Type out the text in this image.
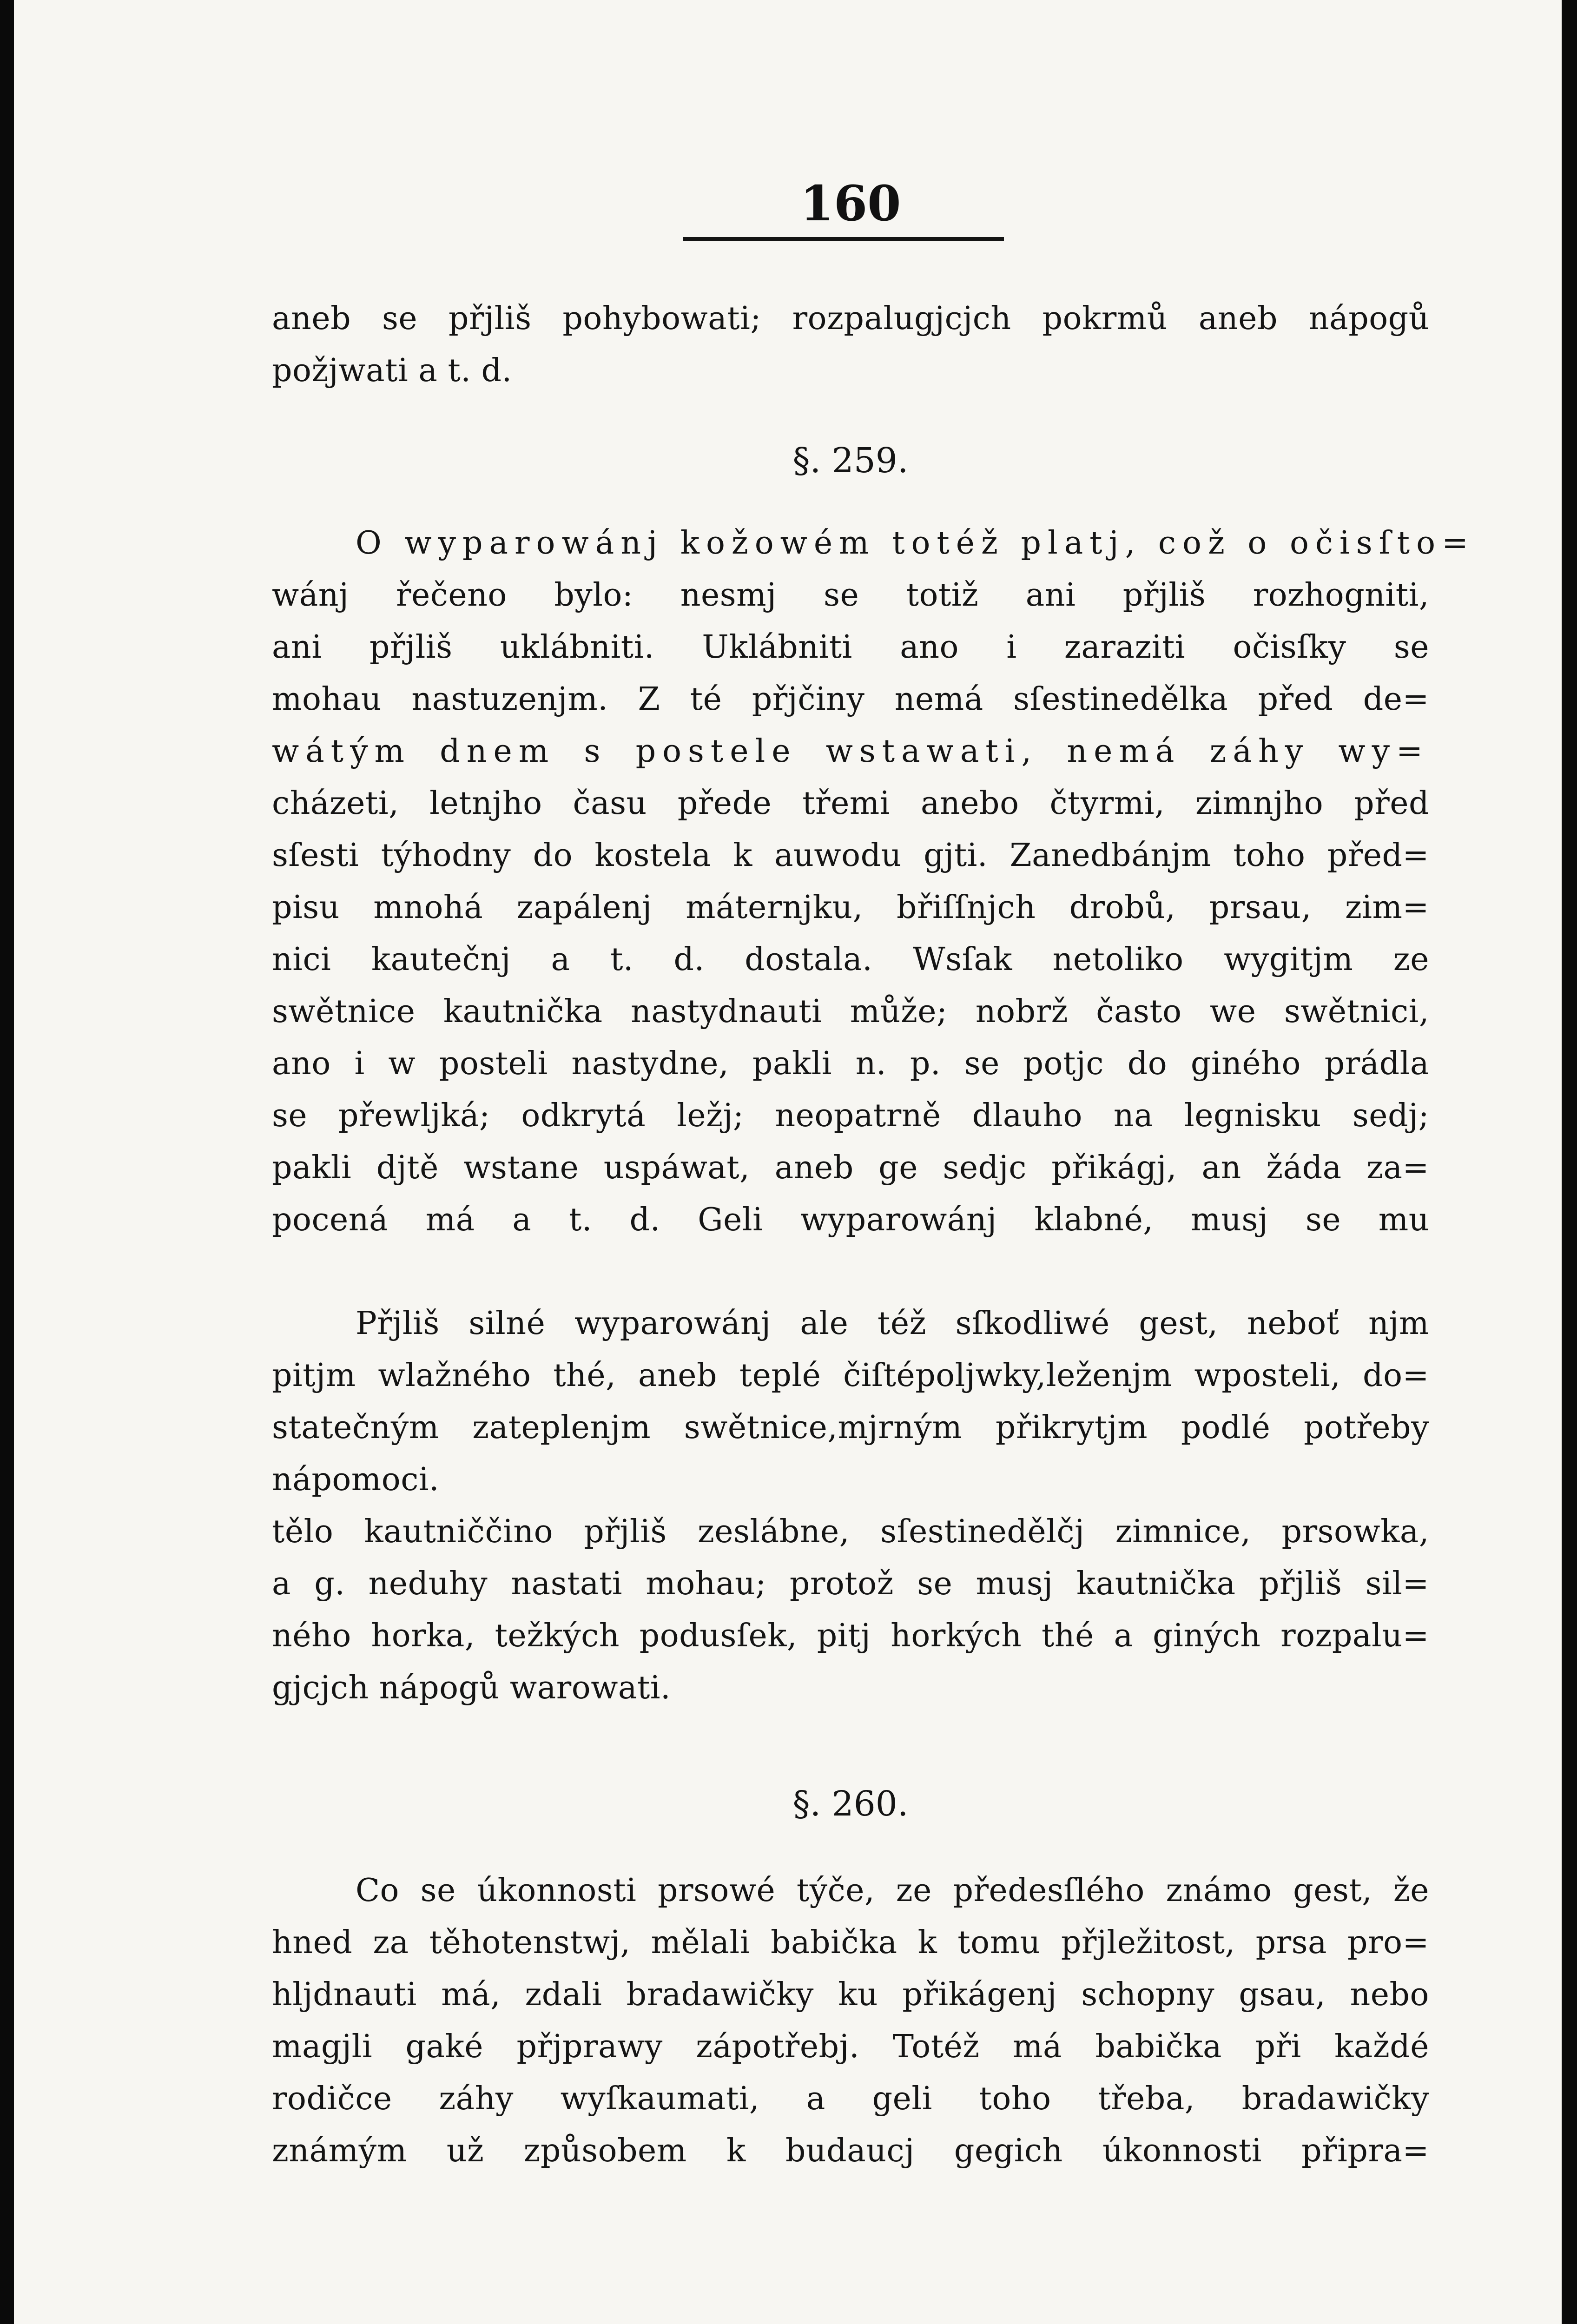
160
aneb se přjliš pohybowati; rozpalugjcjch pokrmů aneb nápogů
požjwati a t. d.
§. 259.
O wyparowánj kožowém totéž platj, což o očisſto=
wánj řečeno bylo: nesmj se totiž ani přjliš rozhogniti,
ani přjliš uklábniti. Uklábniti ano i zaraziti očisſky se
mohau nastuzenjm. Z té přjčiny nemá sſestinedělka před de=
wátým dnem s postele wstawati, nemá záhy wy=
cházeti, letnjho času přede třemi anebo čtyrmi, zimnjho před
sſesti týhodny do kostela k auwodu gjti. Zanedbánjm toho před=
pisu mnohá zapálenj máternjku, břiſſnjch drobů, prsau, zim=
nici kautečnj a t. d. dostala. Wsſak netoliko wygitjm ze
swětnice kautnička nastydnauti může; nobrž často we swětnici,
ano i w posteli nastydne, pakli n. p. se potjc do giného prádla
se přewljká; odkrytá ležj; neopatrně dlauho na legnisku sedj;
pakli djtě wstane uspáwat, aneb ge sedjc přikágj, an žáda za=
pocená má a t. d. Geli wyparowánj klabné, musj se mu
Přjliš silné wyparowánj ale též sſkodliwé gest, neboť njm
pitjm wlažného thé, aneb teplé čiſtépoljwky,leženjm wposteli, do=
statečným zateplenjm swětnice,mjrným přikrytjm podlé potřeby
nápomoci.
tělo kautniččino přjliš zeslábne, sſestinedělčj zimnice, prsowka,
a g. neduhy nastati mohau; protož se musj kautnička přjliš sil=
ného horka, težkých podusſek, pitj horkých thé a giných rozpalu=
gjcjch nápogů warowati.
§. 260.
Co se úkonnosti prsowé týče, ze předesſlého známo gest, že
hned za těhotenstwj, mělali babička k tomu přjležitost, prsa pro=
hljdnauti má, zdali bradawičky ku přikágenj schopny gsau, nebo
magjli gaké přjprawy zápotřebj. Totéž má babička při každé
rodičce záhy wyſkaumati, a geli toho třeba, bradawičky
známým už způsobem k budaucj gegich úkonnosti připra=
